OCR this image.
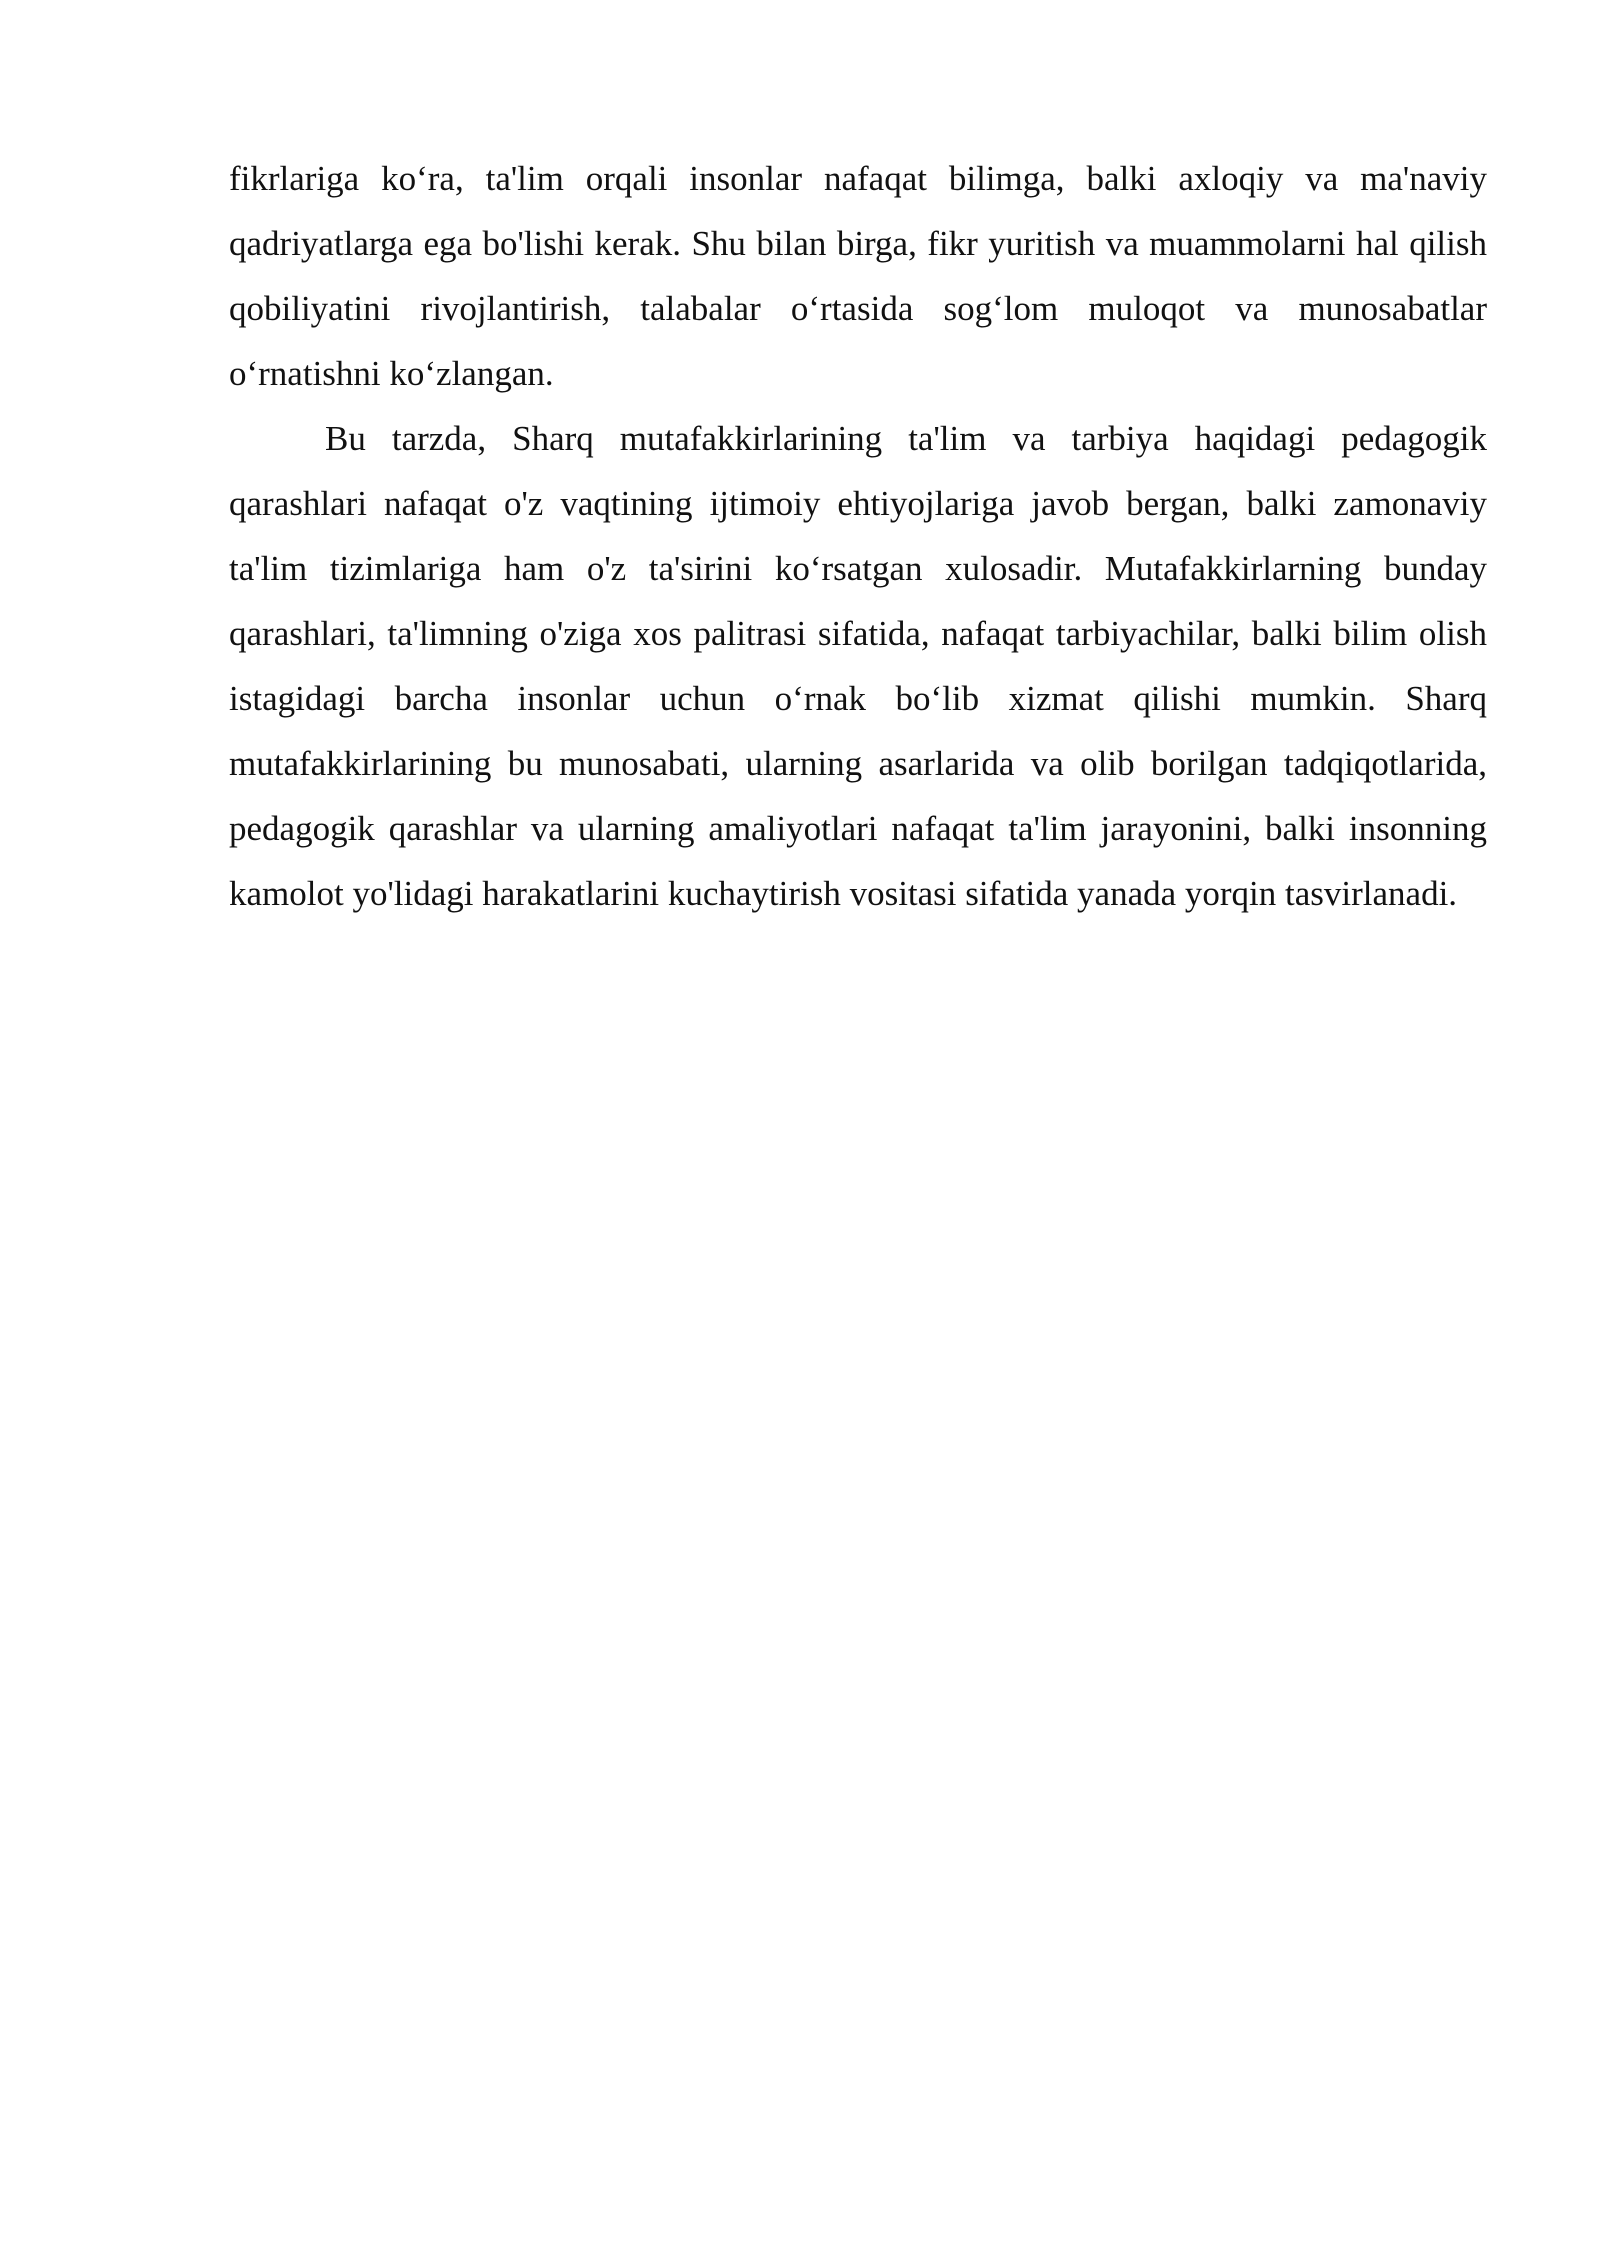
fikrlariga ko‘ra, ta'lim orqali insonlar nafaqat bilimga, balki axloqiy va ma'naviy qadriyatlarga ega bo'lishi kerak. Shu bilan birga, fikr yuritish va muammolarni hal qilish qobiliyatini rivojlantirish, talabalar o‘rtasida sog‘lom muloqot va munosabatlar o‘rnatishni ko‘zlangan.

Bu tarzda, Sharq mutafakkirlarining ta'lim va tarbiya haqidagi pedagogik qarashlari nafaqat o'z vaqtining ijtimoiy ehtiyojlariga javob bergan, balki zamonaviy ta'lim tizimlariga ham o'z ta'sirini ko‘rsatgan xulosadir. Mutafakkirlarning bunday qarashlari, ta'limning o'ziga xos palitrasi sifatida, nafaqat tarbiyachilar, balki bilim olish istagidagi barcha insonlar uchun o‘rnak bo‘lib xizmat qilishi mumkin. Sharq mutafakkirlarining bu munosabati, ularning asarlarida va olib borilgan tadqiqotlarida, pedagogik qarashlar va ularning amaliyotlari nafaqat ta'lim jarayonini, balki insonning kamolot yo'lidagi harakatlarini kuchaytirish vositasi sifatida yanada yorqin tasvirlanadi.
